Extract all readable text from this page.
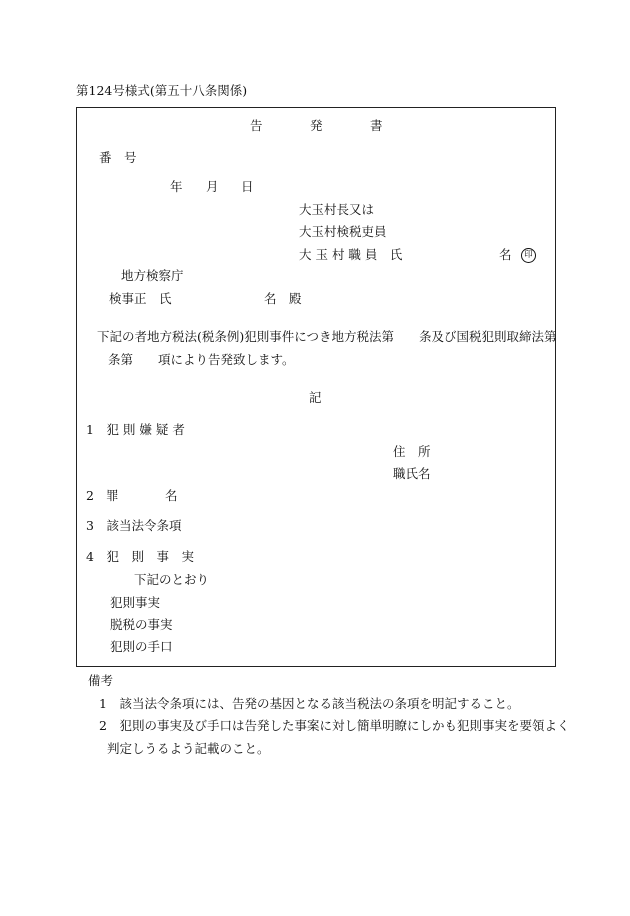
第124号様式(第五十八条関係)
告	発	書
番　号
年 月 日
大玉村長又は
大玉村検税吏員
大 玉 村 職 員　氏	名	印
地方検察庁
検事正　氏	名　殿
下記の者地方税法(税条例)犯則事件につき地方税法第　　条及び国税犯則取締法第
条第　　項により告発致します。
記
1　犯 則 嫌 疑 者
住　所
職氏名
2 罪	名
3　該当法令条項
4　犯　則　事　実
下記のとおり
犯則事実
脱税の事実
犯則の手口
備考
1　該当法令条項には、告発の基因となる該当税法の条項を明記すること。
2　犯則の事実及び手口は告発した事案に対し簡単明瞭にしかも犯則事実を要領よく
判定しうるよう記載のこと。
